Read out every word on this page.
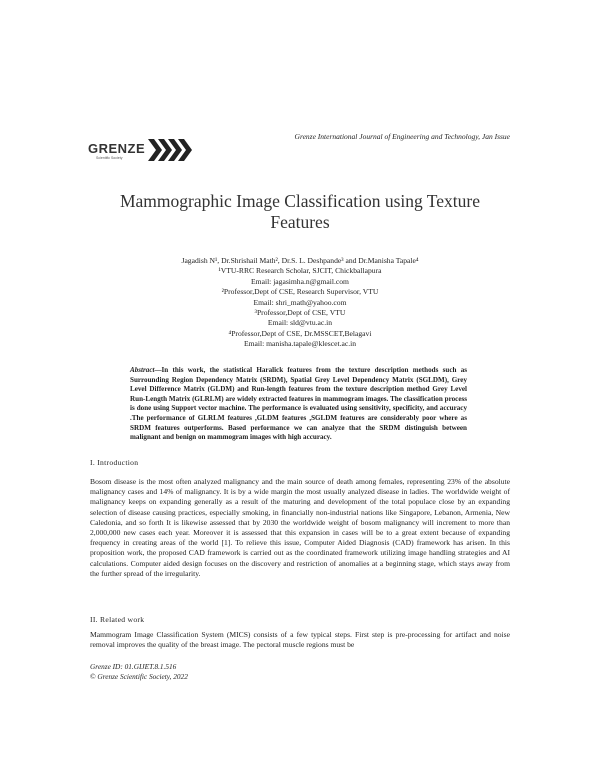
GRENZE
Scientific Society
Grenze International Journal of Engineering and Technology, Jan Issue
Mammographic Image Classification using Texture Features
Jagadish N¹, Dr.Shrishail Math², Dr.S. L. Deshpande³ and Dr.Manisha Tapale⁴
¹VTU-RRC Research Scholar, SJCIT, Chickballapura
Email: jagasimha.n@gmail.com
²Professor,Dept of CSE, Research Supervisor, VTU
Email: shri_math@yahoo.com
³Professor,Dept of CSE, VTU
Email: sld@vtu.ac.in
⁴Professor,Dept of CSE, Dr.MSSCET,Belagavi
Email: manisha.tapale@klescet.ac.in
Abstract—In this work, the statistical Haralick features from the texture description methods such as Surrounding Region Dependency Matrix (SRDM), Spatial Grey Level Dependency Matrix (SGLDM), Grey Level Difference Matrix (GLDM) and Run-length features from the texture description method Grey Level Run-Length Matrix (GLRLM) are widely extracted features in mammogram images. The classification process is done using Support vector machine. The performance is evaluated using sensitivity, specificity, and accuracy .The performance of GLRLM features ,GLDM features ,SGLDM features are considerably poor where as SRDM features outperforms. Based performance we can analyze that the SRDM distinguish between malignant and benign on mammogram images with high accuracy.
I. Introduction
Bosom disease is the most often analyzed malignancy and the main source of death among females, representing 23% of the absolute malignancy cases and 14% of malignancy. It is by a wide margin the most usually analyzed disease in ladies. The worldwide weight of malignancy keeps on expanding generally as a result of the maturing and development of the total populace close by an expanding selection of disease causing practices, especially smoking, in financially non-industrial nations like Singapore, Lebanon, Armenia, New Caledonia, and so forth It is likewise assessed that by 2030 the worldwide weight of bosom malignancy will increment to more than 2,000,000 new cases each year. Moreover it is assessed that this expansion in cases will be to a great extent because of expanding frequency in creating areas of the world [1]. To relieve this issue, Computer Aided Diagnosis (CAD) framework has arisen. In this proposition work, the proposed CAD framework is carried out as the coordinated framework utilizing image handling strategies and AI calculations. Computer aided design focuses on the discovery and restriction of anomalies at a beginning stage, which stays away from the further spread of the irregularity.
II. Related work
Mammogram Image Classification System (MICS) consists of a few typical steps. First step is pre-processing for artifact and noise removal improves the quality of the breast image. The pectoral muscle regions must be
Grenze ID: 01.GIJET.8.1.516
© Grenze Scientific Society, 2022
